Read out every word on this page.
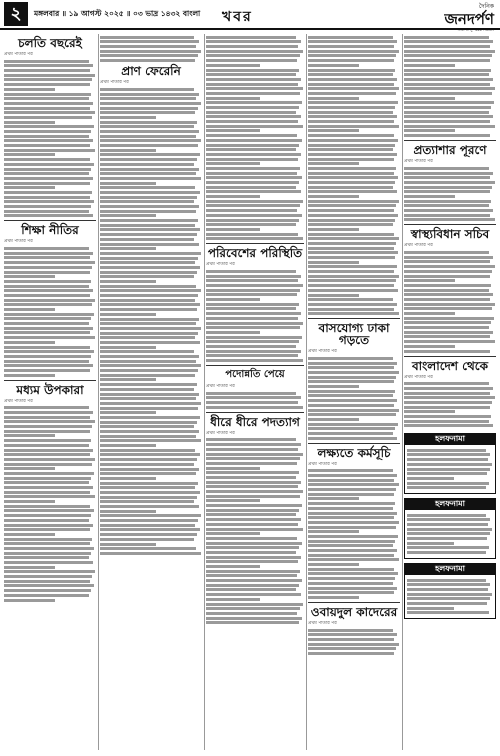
২	মঙ্গলবার ॥ ১৯ আগস্ট ২০২৫ ॥ ০৩ ভাদ্র ১৪৩২ বাংলা খবর
দৈনিক
জনদর্পণ
সত্য ও সুন্দরের সন্ধানে
চলতি বছরেই
প্রথম পাতার পর
শিক্ষা নীতির
প্রথম পাতার পর
মধ্যম উপকারা
প্রথম পাতার পর
প্রাণ ফেরেনি
প্রথম পাতার পর
পরিবেশের পরিস্থিতি
প্রথম পাতার পর
পদোন্নতি পেয়ে
প্রথম পাতার পর
ধীরে ধীরে পদত্যাগ
প্রথম পাতার পর
বাসযোগ্য ঢাকা গড়তে
প্রথম পাতার পর
লক্ষ্যতে কর্মসূচি
প্রথম পাতার পর
ওবায়দুল কাদেরের
প্রথম পাতার পর
প্রত্যাশার পূরণে
প্রথম পাতার পর
স্বাস্থ্যবিধান সচিব
প্রথম পাতার পর
বাংলাদেশ থেকে
প্রথম পাতার পর
হলফনামা
হলফনামা
হলফনামা
